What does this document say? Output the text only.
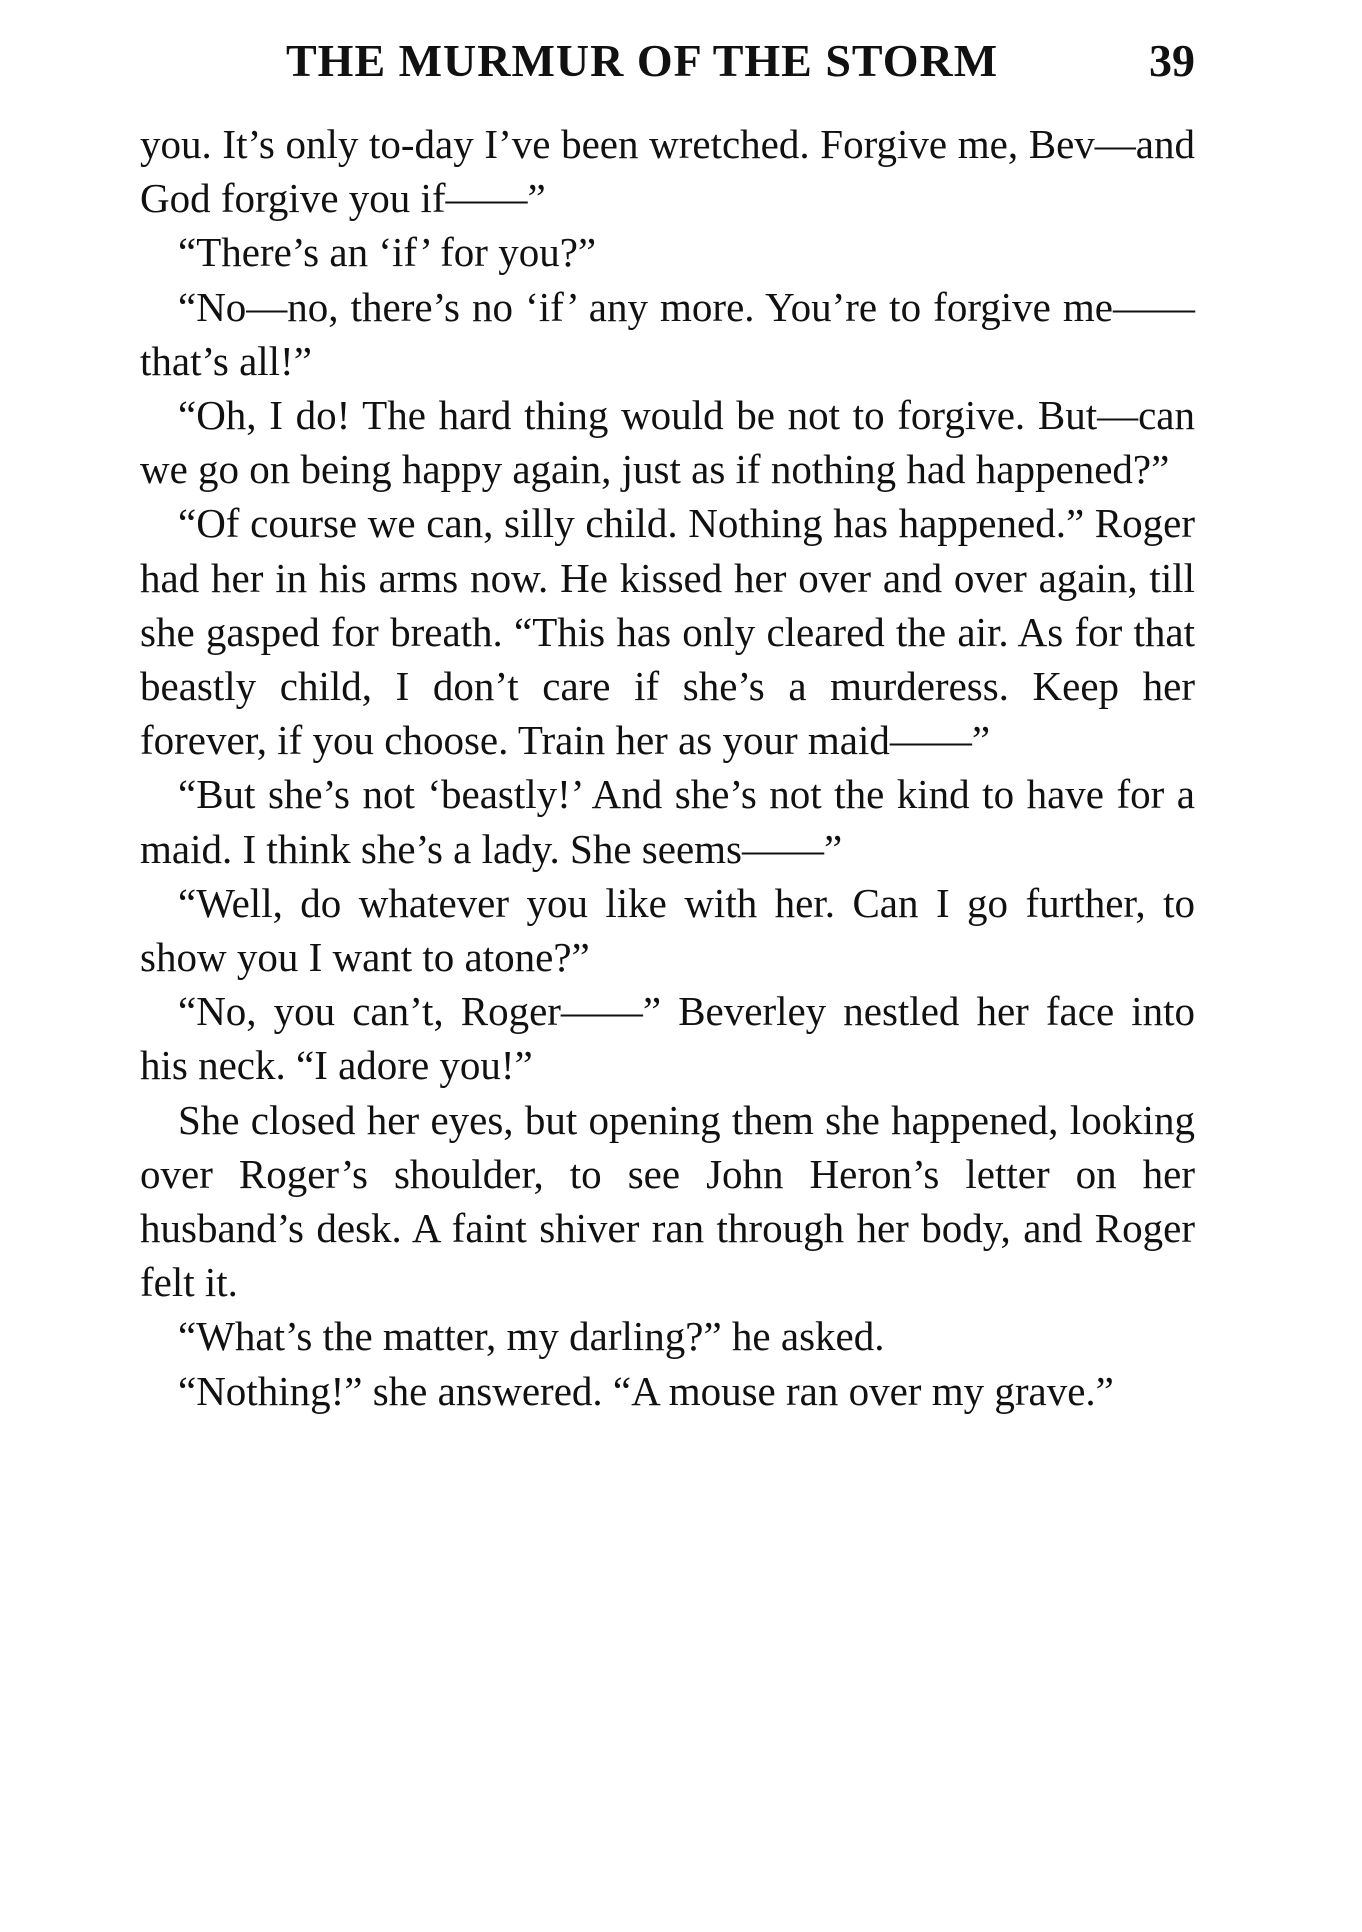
THE MURMUR OF THE STORM	39

you. It’s only to-day I’ve been wretched. Forgive me, Bev—and God forgive you if——”

“There’s an ‘if’ for you?”

“No—no, there’s no ‘if’ any more. You’re to forgive me——that’s all!”

“Oh, I do! The hard thing would be not to forgive. But—can we go on being happy again, just as if nothing had happened?”

“Of course we can, silly child. Nothing has happened.” Roger had her in his arms now. He kissed her over and over again, till she gasped for breath. “This has only cleared the air. As for that beastly child, I don’t care if she’s a murderess. Keep her forever, if you choose. Train her as your maid——”

“But she’s not ‘beastly!’ And she’s not the kind to have for a maid. I think she’s a lady. She seems——”

“Well, do whatever you like with her. Can I go further, to show you I want to atone?”

“No, you can’t, Roger——” Beverley nestled her face into his neck. “I adore you!”

She closed her eyes, but opening them she happened, looking over Roger’s shoulder, to see John Heron’s letter on her husband’s desk. A faint shiver ran through her body, and Roger felt it.

“What’s the matter, my darling?” he asked.

“Nothing!” she answered. “A mouse ran over my grave.”
